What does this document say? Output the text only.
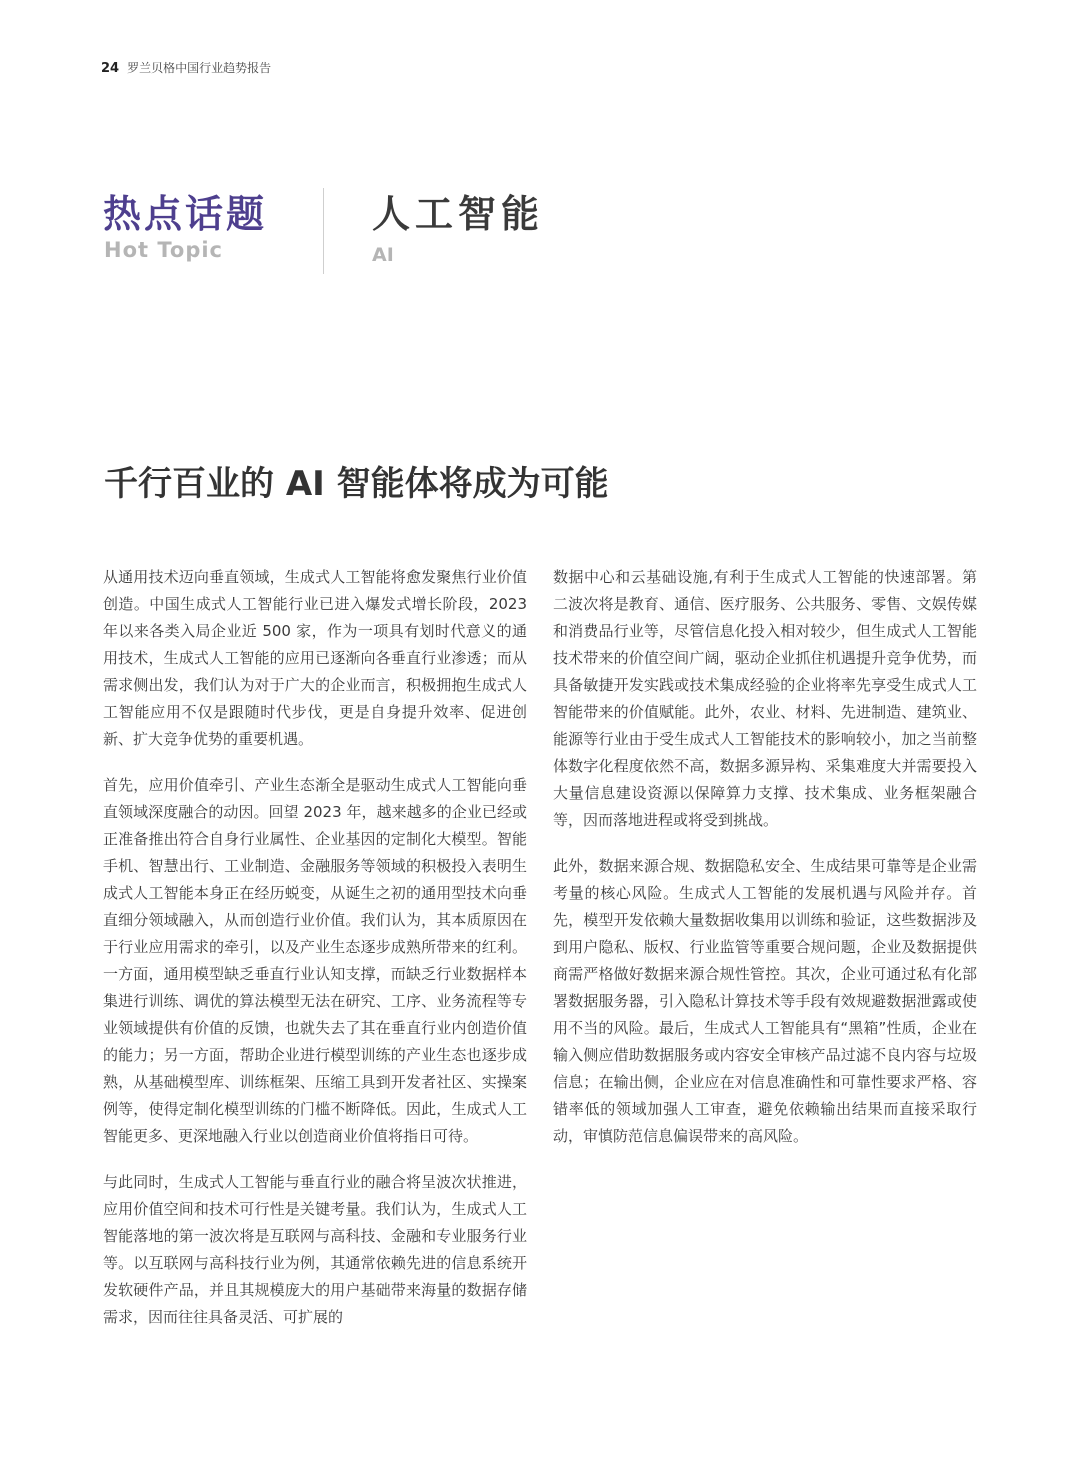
24 罗兰贝格中国行业趋势报告
热点话题
Hot Topic
人工智能
AI
千行百业的 AI 智能体将成为可能

从通用技术迈向垂直领域，生成式人工智能将愈发聚焦行业价值创造。中国生成式人工智能行业已进入爆发式增长阶段，2023 年以来各类入局企业近 500 家，作为一项具有划时代意义的通用技术，生成式人工智能的应用已逐渐向各垂直行业渗透；而从需求侧出发，我们认为对于广大的企业而言，积极拥抱生成式人工智能应用不仅是跟随时代步伐，更是自身提升效率、促进创新、扩大竞争优势的重要机遇。

首先，应用价值牵引、产业生态渐全是驱动生成式人工智能向垂直领域深度融合的动因。回望 2023 年，越来越多的企业已经或正准备推出符合自身行业属性、企业基因的定制化大模型。智能手机、智慧出行、工业制造、金融服务等领域的积极投入表明生成式人工智能本身正在经历蜕变，从诞生之初的通用型技术向垂直细分领域融入，从而创造行业价值。我们认为，其本质原因在于行业应用需求的牵引，以及产业生态逐步成熟所带来的红利。一方面，通用模型缺乏垂直行业认知支撑，而缺乏行业数据样本集进行训练、调优的算法模型无法在研究、工序、业务流程等专业领域提供有价值的反馈，也就失去了其在垂直行业内创造价值的能力；另一方面，帮助企业进行模型训练的产业生态也逐步成熟，从基础模型库、训练框架、压缩工具到开发者社区、实操案例等，使得定制化模型训练的门槛不断降低。因此，生成式人工智能更多、更深地融入行业以创造商业价值将指日可待。

与此同时，生成式人工智能与垂直行业的融合将呈波次状推进，应用价值空间和技术可行性是关键考量。我们认为，生成式人工智能落地的第一波次将是互联网与高科技、金融和专业服务行业等。以互联网与高科技行业为例，其通常依赖先进的信息系统开发软硬件产品，并且其规模庞大的用户基础带来海量的数据存储需求，因而往往具备灵活、可扩展的

数据中心和云基础设施,有利于生成式人工智能的快速部署。第二波次将是教育、通信、医疗服务、公共服务、零售、文娱传媒和消费品行业等，尽管信息化投入相对较少，但生成式人工智能技术带来的价值空间广阔，驱动企业抓住机遇提升竞争优势，而具备敏捷开发实践或技术集成经验的企业将率先享受生成式人工智能带来的价值赋能。此外，农业、材料、先进制造、建筑业、能源等行业由于受生成式人工智能技术的影响较小，加之当前整体数字化程度依然不高，数据多源异构、采集难度大并需要投入大量信息建设资源以保障算力支撑、技术集成、业务框架融合等，因而落地进程或将受到挑战。

此外，数据来源合规、数据隐私安全、生成结果可靠等是企业需考量的核心风险。生成式人工智能的发展机遇与风险并存。首先，模型开发依赖大量数据收集用以训练和验证，这些数据涉及到用户隐私、版权、行业监管等重要合规问题，企业及数据提供商需严格做好数据来源合规性管控。其次，企业可通过私有化部署数据服务器，引入隐私计算技术等手段有效规避数据泄露或使用不当的风险。最后，生成式人工智能具有“黑箱”性质，企业在输入侧应借助数据服务或内容安全审核产品过滤不良内容与垃圾信息；在输出侧，企业应在对信息准确性和可靠性要求严格、容错率低的领域加强人工审查，避免依赖输出结果而直接采取行动，审慎防范信息偏误带来的高风险。
